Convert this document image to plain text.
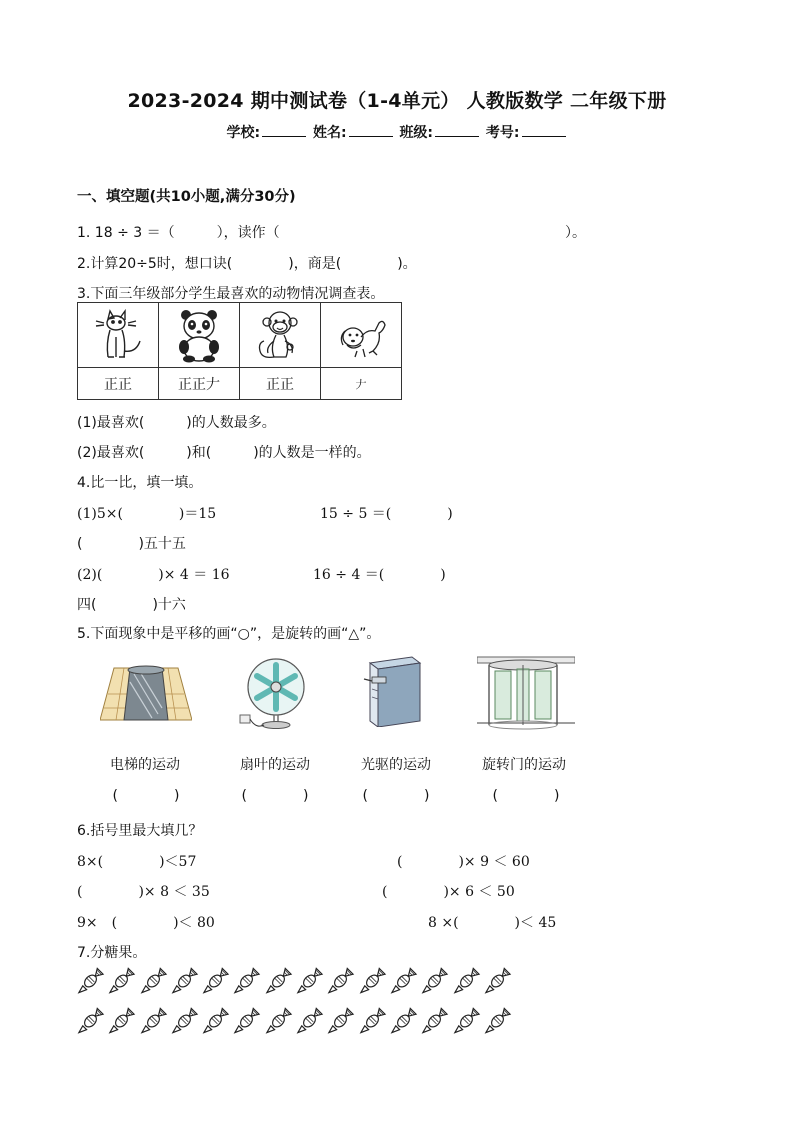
2023-2024 期中测试卷（1-4单元） 人教版数学 二年级下册
学校:	姓名:	班级:	考号:
一、填空题(共10小题,满分30分)
1. 18 ÷ 3 ＝（　　　），读作（	）。
2.计算20÷5时，想口诀(　　　　)，商是(　　　　)。
3.下面三年级部分学生最喜欢的动物情况调查表。

正正	正正𠂇	正正	𠂇
(1)最喜欢(　　　)的人数最多。
(2)最喜欢(　　　)和(　　　)的人数是一样的。
4.比一比，填一填。
(1)5×(　　　　)＝15	15 ÷ 5 ＝(　　　　)
(　　　　)五十五
(2)(　　　　)× 4 ＝ 16	16 ÷ 4 ＝(　　　　)
四(　　　　)十六
5.下面现象中是平移的画“○”，是旋转的画“△”。
电梯的运动	扇叶的运动	光驱的运动	旋转门的运动
(　　　　)	(　　　　)	(　　　　)	(　　　　)
6.括号里最大填几？
8×(　　　　)＜57	(　　　　)× 9 ＜ 60
(　　　　)× 8 ＜ 35	(　　　　)× 6 ＜ 50
9×　(　　　　)＜ 80	8 ×(　　　　)＜ 45
7.分糖果。
